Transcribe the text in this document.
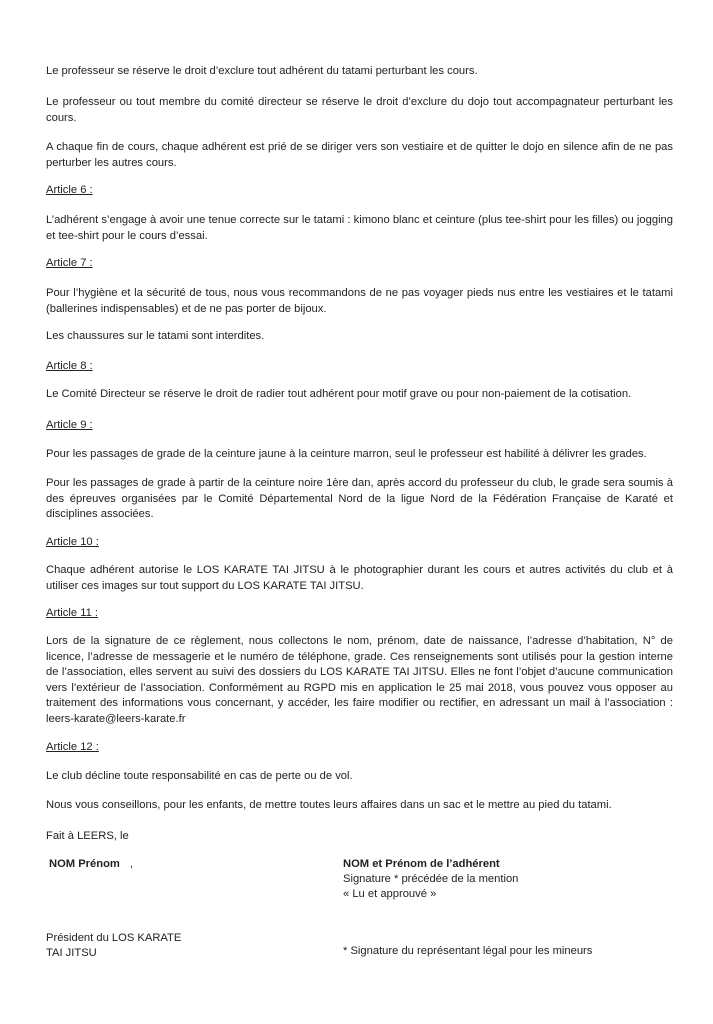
Le professeur se réserve le droit d’exclure tout adhérent du tatami perturbant les cours.

Le professeur ou tout membre du comité directeur se réserve le droit d’exclure du dojo tout accompagnateur perturbant les cours.

A chaque fin de cours, chaque adhérent est prié de se diriger vers son vestiaire et de quitter le dojo en silence afin de ne pas perturber les autres cours.

Article 6 :

L’adhérent s’engage à avoir une tenue correcte sur le tatami : kimono blanc et ceinture (plus tee-shirt pour les filles) ou jogging et tee-shirt pour le cours d’essai.

Article 7 :

Pour l’hygiène et la sécurité de tous, nous vous recommandons de ne pas voyager pieds nus entre les vestiaires et le tatami (ballerines indispensables) et de ne pas porter de bijoux.

Les chaussures sur le tatami sont interdites.

Article 8 :

Le Comité Directeur se réserve le droit de radier tout adhérent pour motif grave ou pour non-paiement de la cotisation.

Article 9 :

Pour les passages de grade de la ceinture jaune à la ceinture marron, seul le professeur est habilité à délivrer les grades.

Pour les passages de grade à partir de la ceinture noire 1ère dan, après accord du professeur du club, le grade sera soumis à des épreuves organisées par le Comité Départemental Nord de la ligue Nord de la Fédération Française de Karaté et disciplines associées.

Article 10 :

Chaque adhérent autorise le LOS KARATE TAI JITSU à le photographier durant les cours et autres activités du club et à utiliser ces images sur tout support du LOS KARATE TAI JITSU.

Article 11 :

Lors de la signature de ce règlement, nous collectons le nom, prénom, date de naissance, l’adresse d’habitation, N° de licence, l’adresse de messagerie et le numéro de téléphone, grade. Ces renseignements sont utilisés pour la gestion interne de l’association, elles servent au suivi des dossiers du LOS KARATE TAI JITSU. Elles ne font l’objet d’aucune communication vers l’extérieur de l’association. Conformément au RGPD mis en application le 25 mai 2018, vous pouvez vous opposer au traitement des informations vous concernant, y accéder, les faire modifier ou rectifier, en adressant un mail à l’association : leers-karate@leers-karate.fr

Article 12 :

Le club décline toute responsabilité en cas de perte ou de vol.

Nous vous conseillons, pour les enfants, de mettre toutes leurs affaires dans un sac et le mettre au pied du tatami.

Fait à LEERS, le

NOM Prénom ,	NOM et Prénom de l’adhérent
Signature * précédée de la mention
« Lu et approuvé »
Président du LOS KARATE
TAI JITSU	* Signature du représentant légal pour les mineurs
